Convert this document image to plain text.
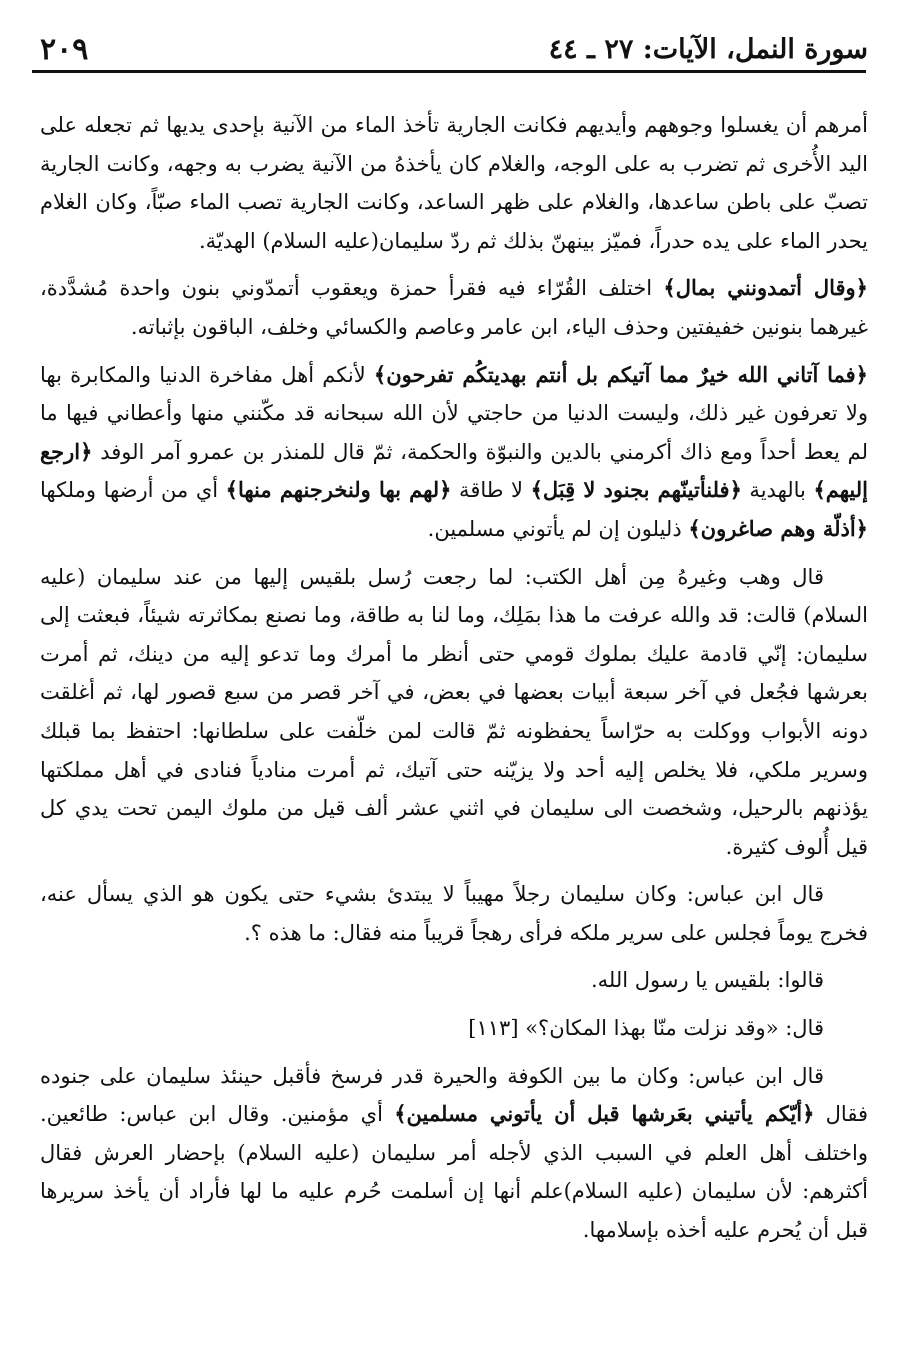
سورة النمل، الآيات: ٢٧ ـ ٤٤
٢٠٩

أمرهم أن يغسلوا وجوههم وأيديهم فكانت الجارية تأخذ الماء من الآنية بإحدى يديها ثم تجعله على اليد الأُخرى ثم تضرب به على الوجه، والغلام كان يأخذهُ من الآنية يضرب به وجهه، وكانت الجارية تصبّ على باطن ساعدها، والغلام على ظهر الساعد، وكانت الجارية تصب الماء صبّاً، وكان الغلام يحدر الماء على يده حدراً، فميّز بينهنّ بذلك ثم ردّ سليمان(عليه السلام) الهديّة.

﴿وقال أتمدونني بمال﴾ اختلف القُرّاء فيه فقرأ حمزة ويعقوب أتمدّوني بنون واحدة مُشدَّدة، غيرهما بنونين خفيفتين وحذف الياء، ابن عامر وعاصم والكسائي وخلف، الباقون بإثباته.

﴿فما آتاني الله خيرٌ مما آتيكم بل أنتم بهديتكُم تفرحون﴾ لأنكم أهل مفاخرة الدنيا والمكابرة بها ولا تعرفون غير ذلك، وليست الدنيا من حاجتي لأن الله سبحانه قد مكّنني منها وأعطاني فيها ما لم يعط أحداً ومع ذاك أكرمني بالدين والنبوّة والحكمة، ثمّ قال للمنذر بن عمرو آمر الوفد ﴿ارجع إليهم﴾ بالهدية ﴿فلنأتينّهم بجنود لا قِبَل﴾ لا طاقة ﴿لهم بها ولنخرجنهم منها﴾ أي من أرضها وملكها ﴿أذلّة وهم صاغرون﴾ ذليلون إن لم يأتوني مسلمين.

قال وهب وغيرهُ مِن أهل الكتب: لما رجعت رُسل بلقيس إليها من عند سليمان (عليه السلام) قالت: قد والله عرفت ما هذا بمَلِك، وما لنا به طاقة، وما نصنع بمكاثرته شيئاً، فبعثت إلى سليمان: إنّي قادمة عليك بملوك قومي حتى أنظر ما أمرك وما تدعو إليه من دينك، ثم أمرت بعرشها فجُعل في آخر سبعة أبيات بعضها في بعض، في آخر قصر من سبع قصور لها، ثم أغلقت دونه الأبواب ووكلت به حرّاساً يحفظونه ثمّ قالت لمن خلّفت على سلطانها: احتفظ بما قبلك وسرير ملكي، فلا يخلص إليه أحد ولا يزيّنه حتى آتيك، ثم أمرت منادياً فنادى في أهل مملكتها يؤذنهم بالرحيل، وشخصت الى سليمان في اثني عشر ألف قيل من ملوك اليمن تحت يدي كل قيل أُلوف كثيرة.

قال ابن عباس: وكان سليمان رجلاً مهيباً لا يبتدئ بشيء حتى يكون هو الذي يسأل عنه، فخرج يوماً فجلس على سرير ملكه فرأى رهجاً قريباً منه فقال: ما هذه ؟.

قالوا: بلقيس يا رسول الله.

قال: «وقد نزلت منّا بهذا المكان؟» [١١٣]

قال ابن عباس: وكان ما بين الكوفة والحيرة قدر فرسخ فأقبل حينئذ سليمان على جنوده فقال ﴿أيّكم يأتيني بعَرشها قبل أن يأتوني مسلمين﴾ أي مؤمنين. وقال ابن عباس: طائعين. واختلف أهل العلم في السبب الذي لأجله أمر سليمان (عليه السلام) بإحضار العرش فقال أكثرهم: لأن سليمان (عليه السلام)علم أنها إن أسلمت حُرم عليه ما لها فأراد أن يأخذ سريرها قبل أن يُحرم عليه أخذه بإسلامها.
